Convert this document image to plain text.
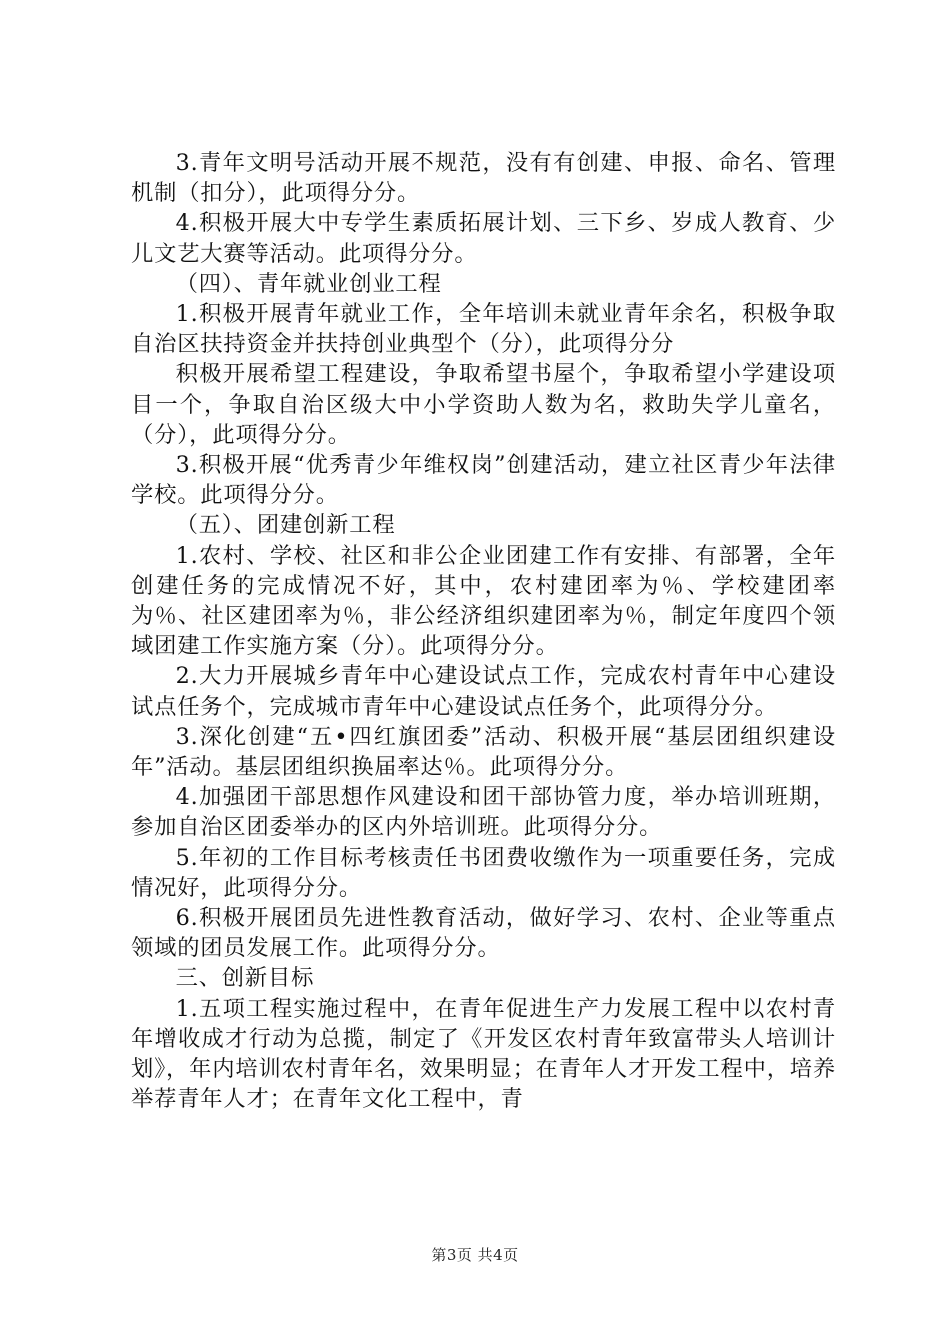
3.青年文明号活动开展不规范，没有有创建、申报、命名、管理机制（扣分），此项得分分。

4.积极开展大中专学生素质拓展计划、三下乡、岁成人教育、少儿文艺大赛等活动。此项得分分。

（四）、青年就业创业工程

1.积极开展青年就业工作，全年培训未就业青年余名，积极争取自治区扶持资金并扶持创业典型个（分），此项得分分

积极开展希望工程建设，争取希望书屋个，争取希望小学建设项目一个，争取自治区级大中小学资助人数为名，救助失学儿童名，（分），此项得分分。

3.积极开展“优秀青少年维权岗”创建活动，建立社区青少年法律学校。此项得分分。

（五）、团建创新工程

1.农村、学校、社区和非公企业团建工作有安排、有部署，全年创建任务的完成情况不好，其中，农村建团率为％、学校建团率为％、社区建团率为％，非公经济组织建团率为％，制定年度四个领域团建工作实施方案（分）。此项得分分。

2.大力开展城乡青年中心建设试点工作，完成农村青年中心建设试点任务个，完成城市青年中心建设试点任务个，此项得分分。

3.深化创建“五•四红旗团委”活动、积极开展“基层团组织建设年”活动。基层团组织换届率达％。此项得分分。

4.加强团干部思想作风建设和团干部协管力度，举办培训班期，参加自治区团委举办的区内外培训班。此项得分分。

5.年初的工作目标考核责任书团费收缴作为一项重要任务，完成情况好，此项得分分。

6.积极开展团员先进性教育活动，做好学习、农村、企业等重点领域的团员发展工作。此项得分分。

三、创新目标

1.五项工程实施过程中，在青年促进生产力发展工程中以农村青年增收成才行动为总揽，制定了《开发区农村青年致富带头人培训计划》，年内培训农村青年名，效果明显；在青年人才开发工程中，培养举荐青年人才；在青年文化工程中，青

第3页 共4页
